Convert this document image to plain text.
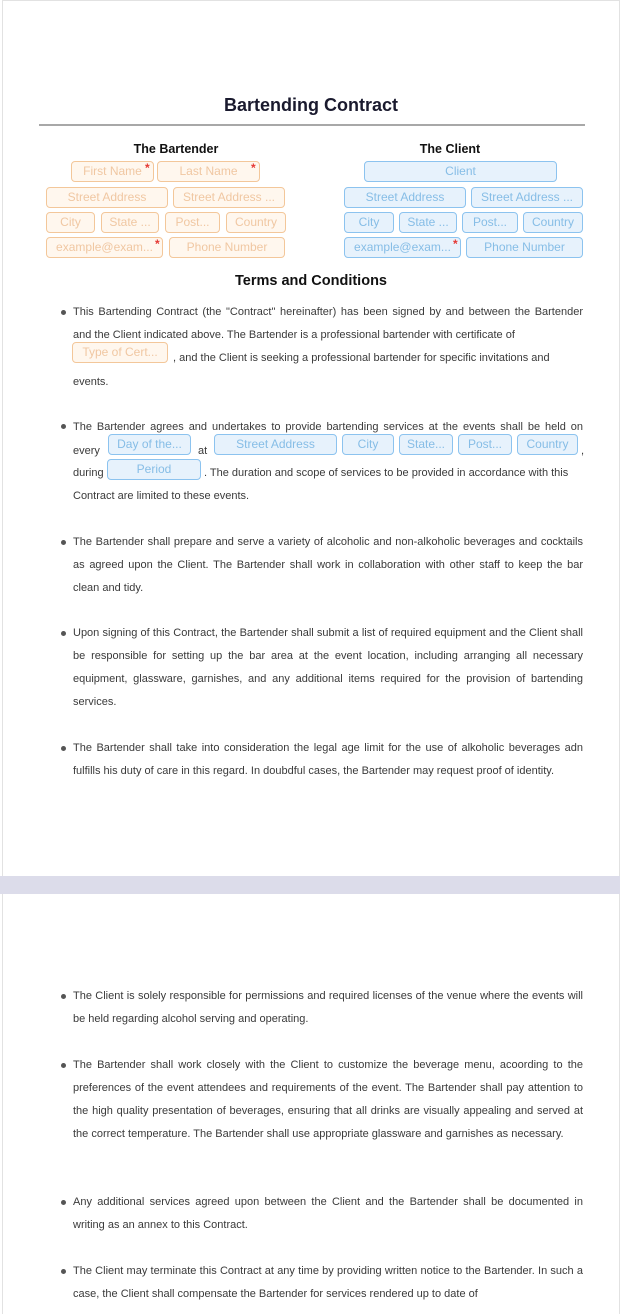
Bartending Contract
The Bartender	The Client
First Name *	Last Name	*
Street Address	Street Address ...
City	State ...	Post...	Country
example@exam... *	Phone Number
Client
Street Address	Street Address ...
City	State ...	Post...	Country
example@exam... *	Phone Number
Terms and Conditions

This Bartending Contract (the "Contract" hereinafter) has been signed by and between the Bartender and the Client indicated above. The Bartender is a professional bartender with certificate of

Type of Cert...	, and the Client is seeking a professional bartender for specific invitations and
events.
The Bartender agrees and undertakes to provide bartending services at the events shall be held on
every	Day of the...	at	Street Address	City	State...	Post...	Country	,
during	Period	. The duration and scope of services to be provided in accordance with this
Contract are limited to these events.

The Bartender shall prepare and serve a variety of alcoholic and non-alkoholic beverages and cocktails as agreed upon the Client. The Bartender shall work in collaboration with other staff to keep the bar clean and tidy.

Upon signing of this Contract, the Bartender shall submit a list of required equipment and the Client shall be responsible for setting up the bar area at the event location, including arranging all necessary equipment, glassware, garnishes, and any additional items required for the provision of bartending services.

The Bartender shall take into consideration the legal age limit for the use of alkoholic beverages adn fulfills his duty of care in this regard. In doubdful cases, the Bartender may request proof of identity.

The Client is solely responsible for permissions and required licenses of the venue where the events will be held regarding alcohol serving and operating.

The Bartender shall work closely with the Client to customize the beverage menu, acoording to the preferences of the event attendees and requirements of the event. The Bartender shall pay attention to the high quality presentation of beverages, ensuring that all drinks are visually appealing and served at the correct temperature. The Bartender shall use appropriate glassware and garnishes as necessary.

Any additional services agreed upon between the Client and the Bartender shall be documented in writing as an annex to this Contract.

The Client may terminate this Contract at any time by providing written notice to the Bartender. In such a case, the Client shall compensate the Bartender for services rendered up to date of
